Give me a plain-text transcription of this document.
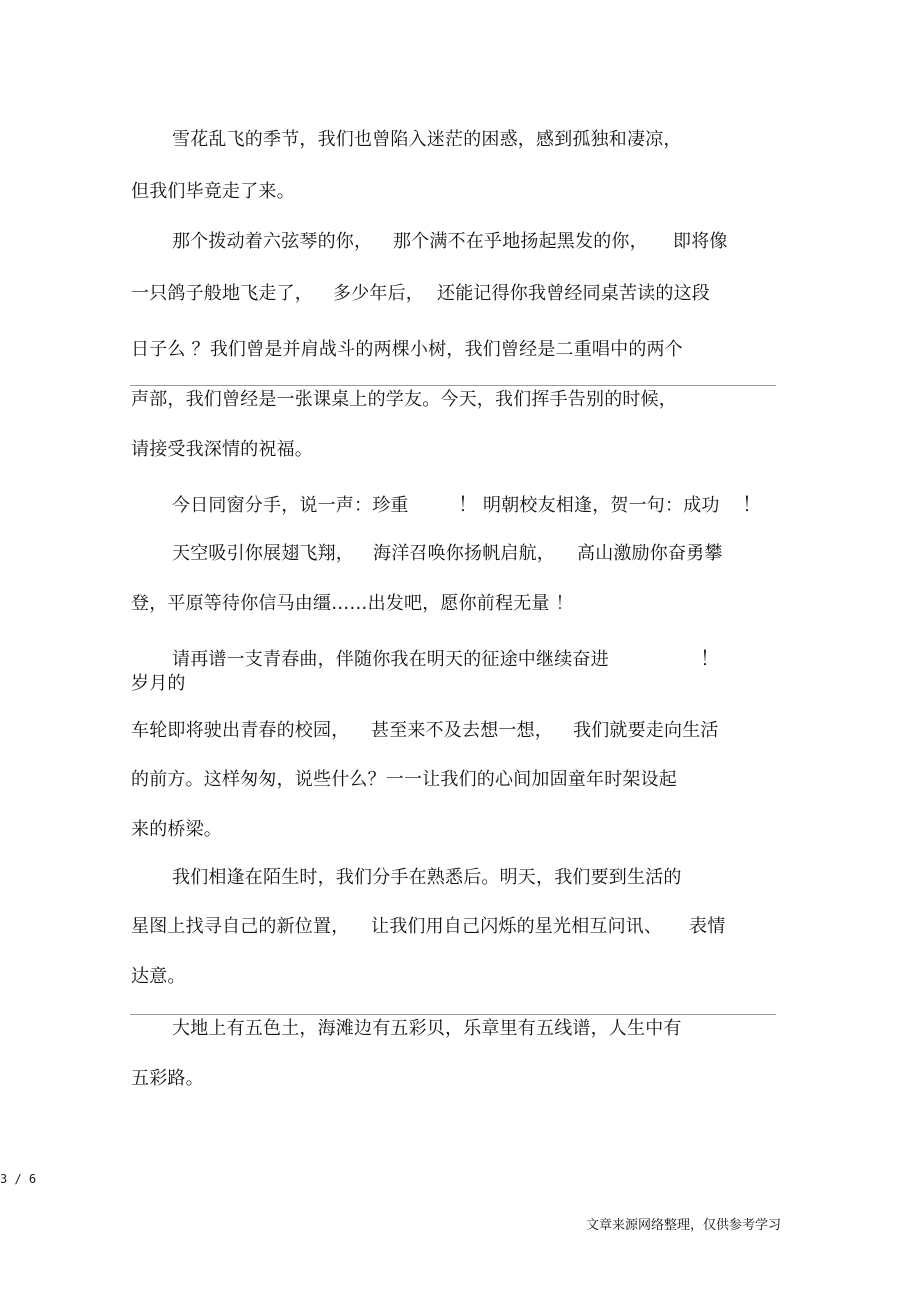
雪花乱飞的季节，我们也曾陷入迷茫的困惑，感到孤独和凄凉，
但我们毕竟走了来。
那个拨动着六弦琴的你， 那个满不在乎地扬起黑发的你， 即将像
一只鸽子般地飞走了， 多少年后， 还能记得你我曾经同桌苦读的这段
日子么 ？我们曾是并肩战斗的两棵小树，我们曾经是二重唱中的两个
声部，我们曾经是一张课桌上的学友。今天，我们挥手告别的时候，
请接受我深情的祝福。
今日同窗分手，说一声：珍重 ！ 明朝校友相逢，贺一句：成功 ！
天空吸引你展翅飞翔， 海洋召唤你扬帆启航， 高山激励你奋勇攀
登，平原等待你信马由缰……出发吧，愿你前程无量 ！
请再谱一支青春曲，伴随你我在明天的征途中继续奋进	！
岁月的
车轮即将驶出青春的校园， 甚至来不及去想一想， 我们就要走向生活
的前方。这样匆匆，说些什么？一一让我们的心间加固童年时架设起
来的桥梁。
我们相逢在陌生时，我们分手在熟悉后。明天，我们要到生活的
星图上找寻自己的新位置， 让我们用自己闪烁的星光相互问讯、 表情
达意。
大地上有五色土，海滩边有五彩贝，乐章里有五线谱，人生中有
五彩路。
3 / 6
文章来源网络整理，仅供参考学习
